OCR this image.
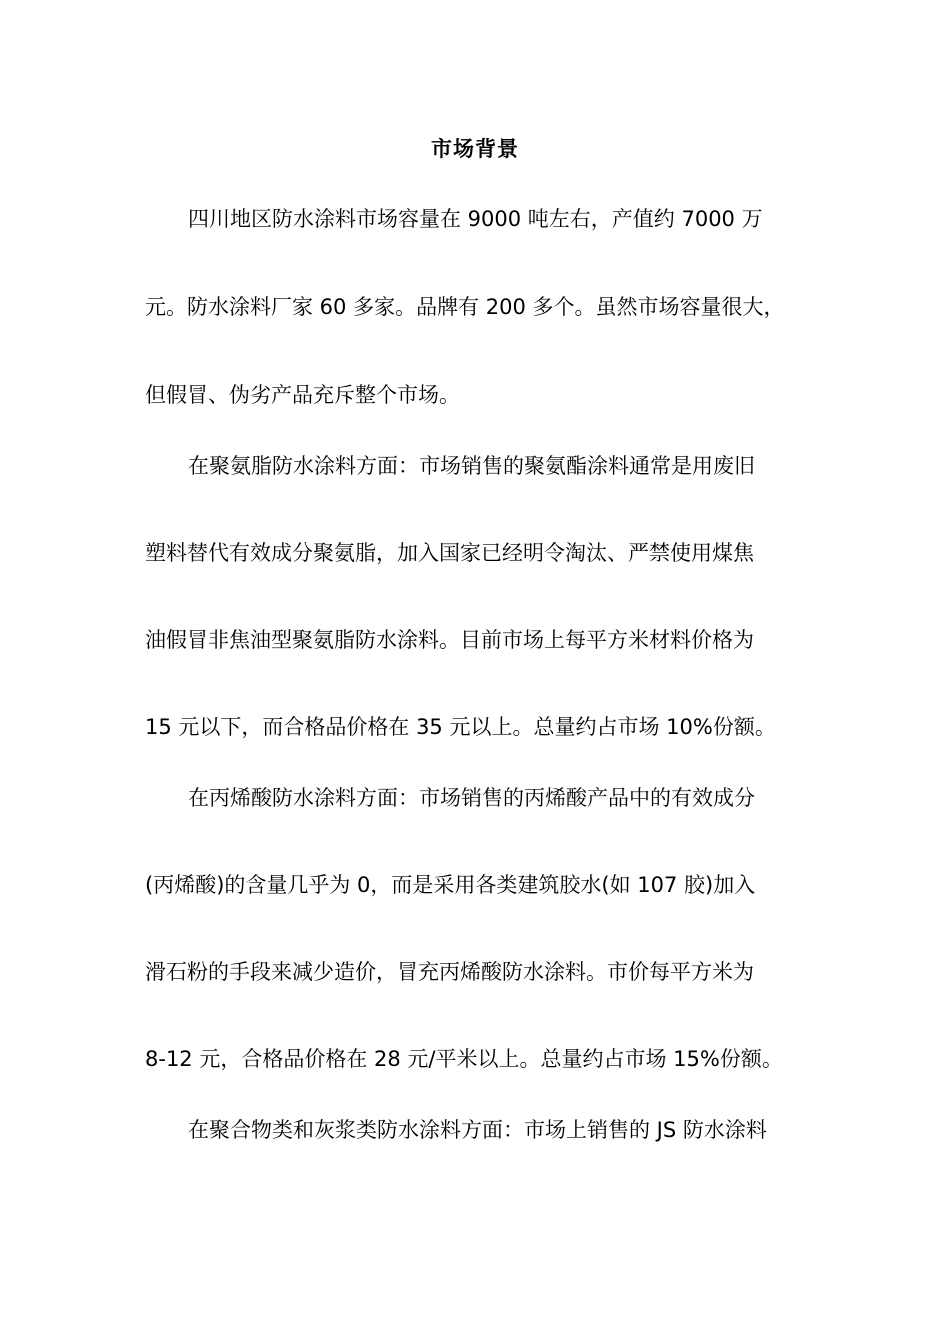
市场背景
四川地区防水涂料市场容量在 9000 吨左右，产值约 7000 万
元。防水涂料厂家 60 多家。品牌有 200 多个。虽然市场容量很大，
但假冒、伪劣产品充斥整个市场。
在聚氨脂防水涂料方面：市场销售的聚氨酯涂料通常是用废旧
塑料替代有效成分聚氨脂，加入国家已经明令淘汰、严禁使用煤焦
油假冒非焦油型聚氨脂防水涂料。目前市场上每平方米材料价格为
15 元以下，而合格品价格在 35 元以上。总量约占市场 10%份额。
在丙烯酸防水涂料方面：市场销售的丙烯酸产品中的有效成分
(丙烯酸)的含量几乎为 0，而是采用各类建筑胶水(如 107 胶)加入
滑石粉的手段来减少造价，冒充丙烯酸防水涂料。市价每平方米为
8-12 元，合格品价格在 28 元/平米以上。总量约占市场 15%份额。
在聚合物类和灰浆类防水涂料方面：市场上销售的 JS 防水涂料
